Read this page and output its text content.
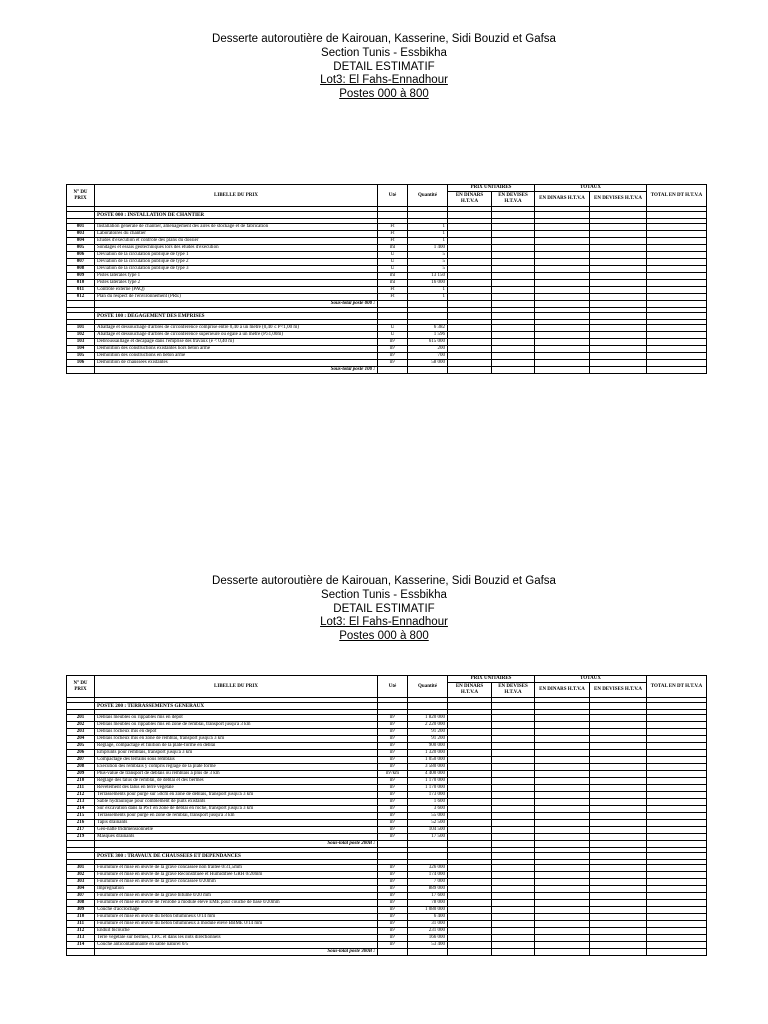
Desserte autoroutière de Kairouan, Kasserine, Sidi Bouzid et Gafsa
Section Tunis - Essbikha
DETAIL ESTIMATIF
Lot3: El Fahs-Ennadhour
Postes 000 à 800
N° DU PRIX	LIBELLE DU PRIX	Uté	Quantité	PRIX UNITAIRES		TOTAUX		TOTAL EN DT H.T.V.A
				EN DINARS H.T.V.A	EN DEVISES H.T.V.A	EN DINARS H.T.V.A	EN DEVISES H.T.V.A	

	POSTE 000 : INSTALLATION DE CHANTIER							

001	Installation générale de chantier, aménagement des aires de stockage et de fabrication	Ft	1					
003	Laboratoires du chantier	Ft	1					
004	Etudes d'exécution et contrôle des plans du dossier	Ft	1					
005	Sondages et essais géotechniques lors des études d'exécution	ml	1 400					
006	Déviation de la circulation publique de type 1	U	5					
007	Déviation de la circulation publique de type 2	U	5					
008	Déviation de la circulation publique de type 3	U	5					
009	Pistes latérales type 1	ml	13 150					
010	Pistes latérales type 2	ml	16 000					
011	Contrôle externe (PAQ)	Ft	1					
012	Plan du respect de l'environnement (PRE)	Ft	1					
	Sous-total poste 000 :							

	POSTE 100 : DEGAGEMENT DES EMPRISES							

101	Abattage et dessouchage d'arbres de circonférence comprise entre 0,40 à un mètre (0,40 ≤ P<1,00 m)	U	6 382					
102	Abattage et dessouchage d'arbres de circonférence supérieure ou égale à un mètre (P≥1,00m)	U	1 596					
103	Débroussaillage et décapage dans l'emprise des travaux (e < 0,40 m)	m²	615 000					
104	Démolition des constructions existantes hors béton armé	m³	200					
105	Démolition des constructions en béton armé	m³	700					
106	Démolition de chaussées existantes	m²	58 000					
	Sous-total poste 100 :							
Desserte autoroutière de Kairouan, Kasserine, Sidi Bouzid et Gafsa
Section Tunis - Essbikha
DETAIL ESTIMATIF
Lot3: El Fahs-Ennadhour
Postes 000 à 800
N° DU PRIX	LIBELLE DU PRIX	Uté	Quantité	PRIX UNITAIRES		TOTAUX		TOTAL EN DT H.T.V.A
				EN DINARS H.T.V.A	EN DEVISES H.T.V.A	EN DINARS H.T.V.A	EN DEVISES H.T.V.A	

	POSTE 200 : TERRASSEMENTS GENERAUX							

201	Déblais meubles ou rippables mis en dépôt	m³	1 820 000					
202	Déblais meubles ou rippables mis en zone de remblai, transport jusqu'à 3 km	m³	2 220 000					
203	Déblais rocheux mis en dépôt	m³	91 200					
204	Déblais rocheux mis en zone de remblai, transport jusqu'à 3 km	m³	91 200					
205	Réglage, compactage et finition de la plate-forme en déblai	m²	900 000					
206	Emprunts pour remblais, transport jusqu'à 3 km	m³	1 320 000					
207	Compactage des terrains sous remblais	m²	1 050 000					
208	Exécution des remblais y compris réglage de la plate forme	m³	3 580 000					
209	Plus-value de transport de déblais ou remblais à plus de 3 km	m³/km	4 400 000					
210	Réglage des talus de remblai, de déblai et des bermes	m²	1 170 000					
211	Revêtement des talus en terre végétale	m²	1 170 000					
212	Terrassements pour purge sur 50cm en zone de déblais, transport jusqu'à 3 km	m³	173 000					
213	Sable hydraulique pour comblement de puits existants	m³	1 600					
214	Sur excavation dans la PST en zone de déblai en roche, transport jusqu'à 3 km	m³	3 600					
215	Terrassements pour purge en zone de remblai, transport jusqu'à 3 km	m³	55 000					
216	Tapis drainants	m³	52 500					
217	Géo-natte tridimensionnelle	m²	104 500					
219	Masques drainants	m³	17 500					
	Sous-total poste 200B :							

	POSTE 300 : TRAVAUX DE CHAUSSEES ET DEPENDANCES							

301	Fourniture et mise en œuvre de la grave concassée non traitée 0/31,5mm	m³	326 000					
302	Fourniture et mise en œuvre de la grave Reconstituée et Humidifiée GRH 0/20mm	m³	174 000					
303	Fourniture et mise en œuvre de la grave concassée 0/20mm	m³	7 000					
304	Imprégnation	m²	889 000					
307	Fourniture et mise en œuvre de la grave bitume 0/20 mm	m³	17 600					
308	Fourniture et mise en œuvre de l'enrobé à module élevé EME pour couche de base 0/20mm	m³	78 000					
309	Couche d'accrochage	m²	1 080 000					
310	Fourniture et mise en œuvre du béton bitumineux 0/14 mm	m³	6 400					
311	Fourniture et mise en œuvre du béton bitumineux à module élevé BBME 0/14 mm	m³	31 000					
312	Enduit bicouche	m²	231 000					
313	Terre végétale sur bermes, T.P.C et dans les îlots directionnels	m³	166 000					
314	Couche anticontaminante en sable naturel 0/5	m³	53 400					
	Sous-total poste 300B :							
